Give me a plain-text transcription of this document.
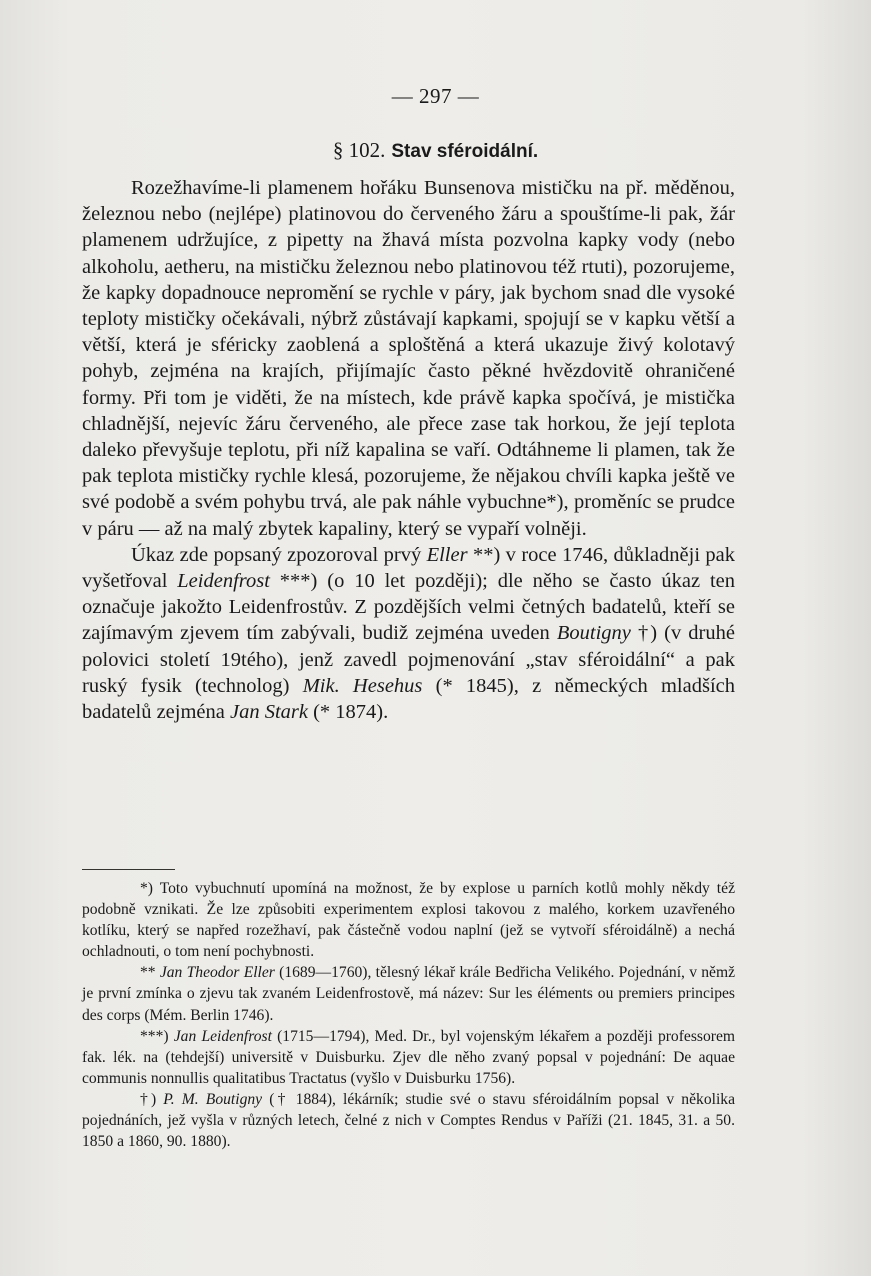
— 297 —
§ 102. Stav sféroidální.

Rozežhavíme-li plamenem hořáku Bunsenova mističku na př. měděnou, železnou nebo (nejlépe) platinovou do červeného žáru a spouštíme-li pak, žár plamenem udržujíce, z pipetty na žhavá místa pozvolna kapky vody (nebo alkoholu, aetheru, na mističku železnou nebo platinovou též rtuti), pozorujeme, že kapky dopadnouce nepromění se rychle v páry, jak bychom snad dle vysoké teploty mističky očekávali, nýbrž zůstávají kapkami, spojují se v kapku větší a větší, která je sféricky zaoblená a sploštěná a která ukazuje živý kolotavý pohyb, zejména na krajích, přijímajíc často pěkné hvězdovitě ohraničené formy. Při tom je viděti, že na místech, kde právě kapka spočívá, je mistička chladnější, nejevíc žáru červeného, ale přece zase tak horkou, že její teplota daleko převyšuje teplotu, při níž kapalina se vaří. Odtáhneme li plamen, tak že pak teplota mističky rychle klesá, pozorujeme, že nějakou chvíli kapka ještě ve své podobě a svém pohybu trvá, ale pak náhle vybuchne*), proměníc se prudce v páru — až na malý zbytek kapaliny, který se vypaří volněji.

Úkaz zde popsaný zpozoroval prvý Eller **) v roce 1746, důkladněji pak vyšetřoval Leidenfrost ***) (o 10 let později); dle něho se často úkaz ten označuje jakožto Leidenfrostův. Z pozdějších velmi četných badatelů, kteří se zajímavým zjevem tím zabývali, budiž zejména uveden Boutigny †) (v druhé polovici století 19tého), jenž zavedl pojmenování „stav sféroidální“ a pak ruský fysik (technolog) Mik. Hesehus (* 1845), z německých mladších badatelů zejména Jan Stark (* 1874).

*) Toto vybuchnutí upomíná na možnost, že by explose u parních kotlů mohly někdy též podobně vznikati. Že lze způsobiti experimentem explosi takovou z malého, korkem uzavřeného kotlíku, který se napřed rozežhaví, pak částečně vodou naplní (jež se vytvoří sféroidálně) a nechá ochladnouti, o tom není pochybnosti.

** Jan Theodor Eller (1689—1760), tělesný lékař krále Bedřicha Velikého. Pojednání, v němž je první zmínka o zjevu tak zvaném Leidenfrostově, má název: Sur les éléments ou premiers principes des corps (Mém. Berlin 1746).

***) Jan Leidenfrost (1715—1794), Med. Dr., byl vojenským lékařem a později professorem fak. lék. na (tehdejší) universitě v Duisburku. Zjev dle něho zvaný popsal v pojednání: De aquae communis nonnullis qualitatibus Tractatus (vyšlo v Duisburku 1756).

†) P. M. Boutigny († 1884), lékárník; studie své o stavu sféroidálním popsal v několika pojednáních, jež vyšla v různých letech, čelné z nich v Comptes Rendus v Paříži (21. 1845, 31. a 50. 1850 a 1860, 90. 1880).
